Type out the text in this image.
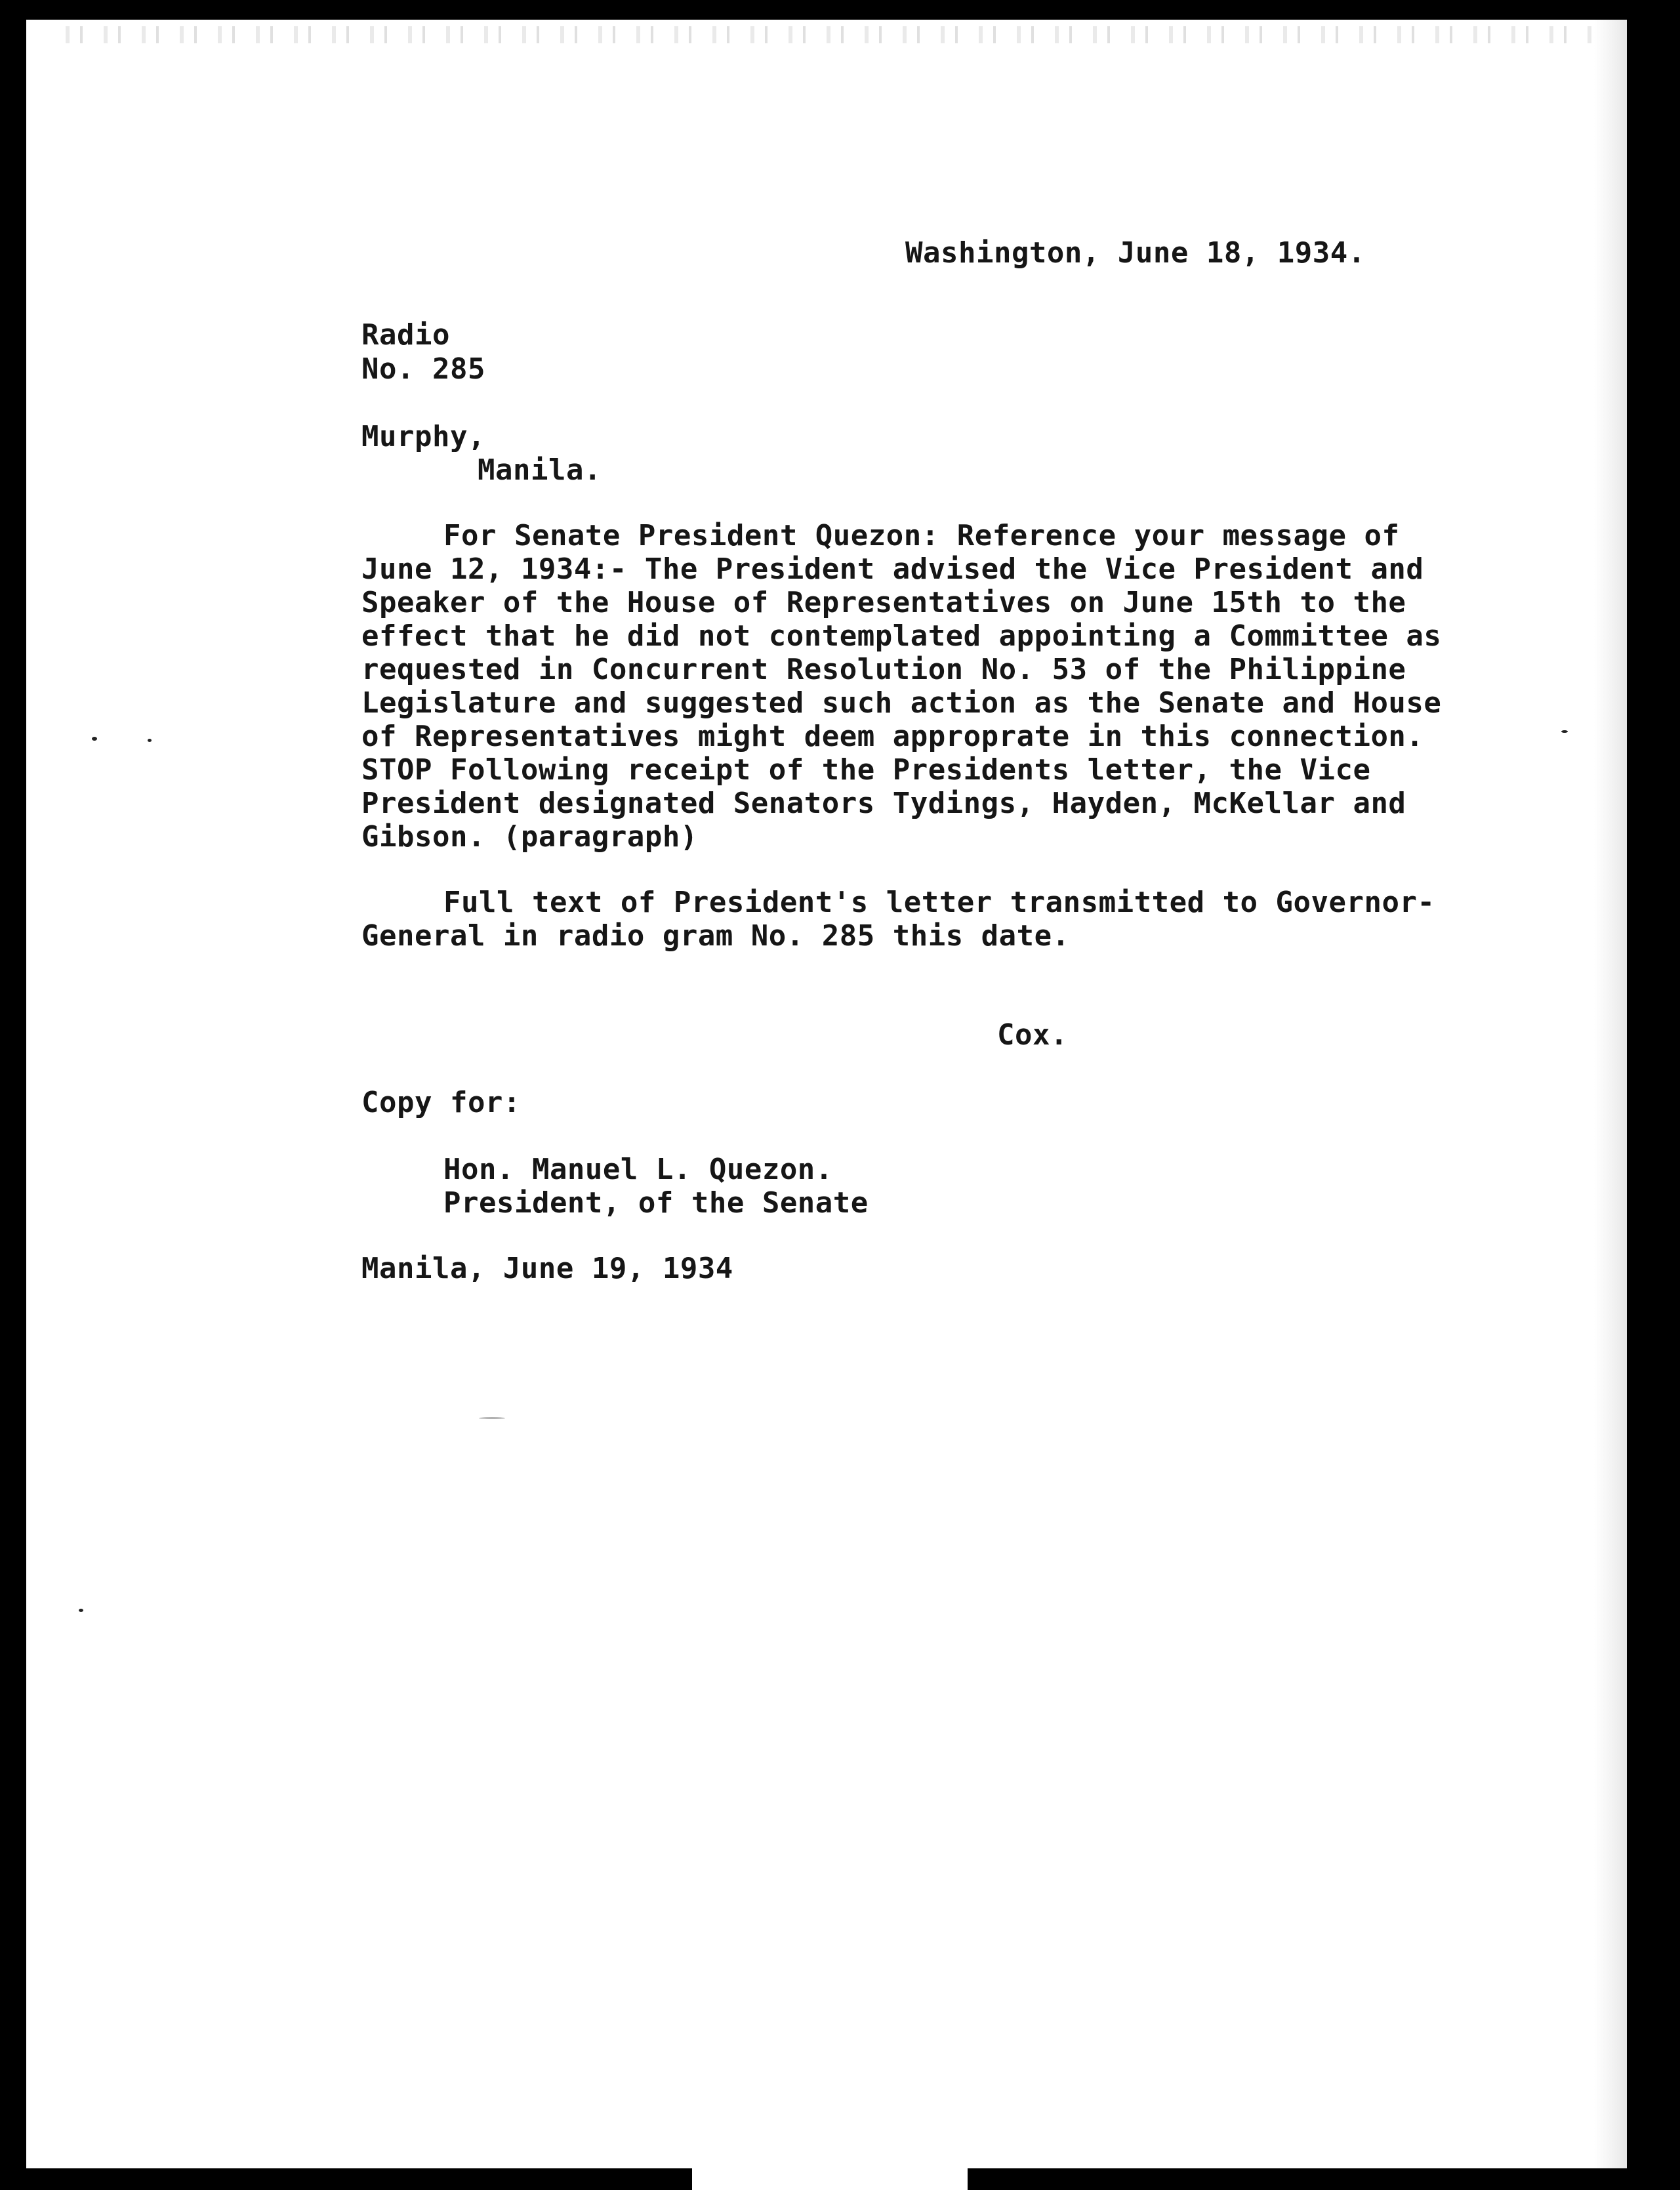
Washington, June 18, 1934.
Radio
No. 285
Murphy,
Manila.
For Senate President Quezon: Reference your message of
June 12, 1934:- The President advised the Vice President and
Speaker of the House of Representatives on June 15th to the
effect that he did not contemplated appointing a Committee as
requested in Concurrent Resolution No. 53 of the Philippine
Legislature and suggested such action as the Senate and House
of Representatives might deem approprate in this connection.
STOP Following receipt of the Presidents letter, the Vice
President designated Senators Tydings, Hayden, McKellar and
Gibson. (paragraph)
Full text of President's letter transmitted to Governor-
General in radio gram No. 285 this date.
Cox.
Copy for:
Hon. Manuel L. Quezon.
President, of the Senate
Manila, June 19, 1934
